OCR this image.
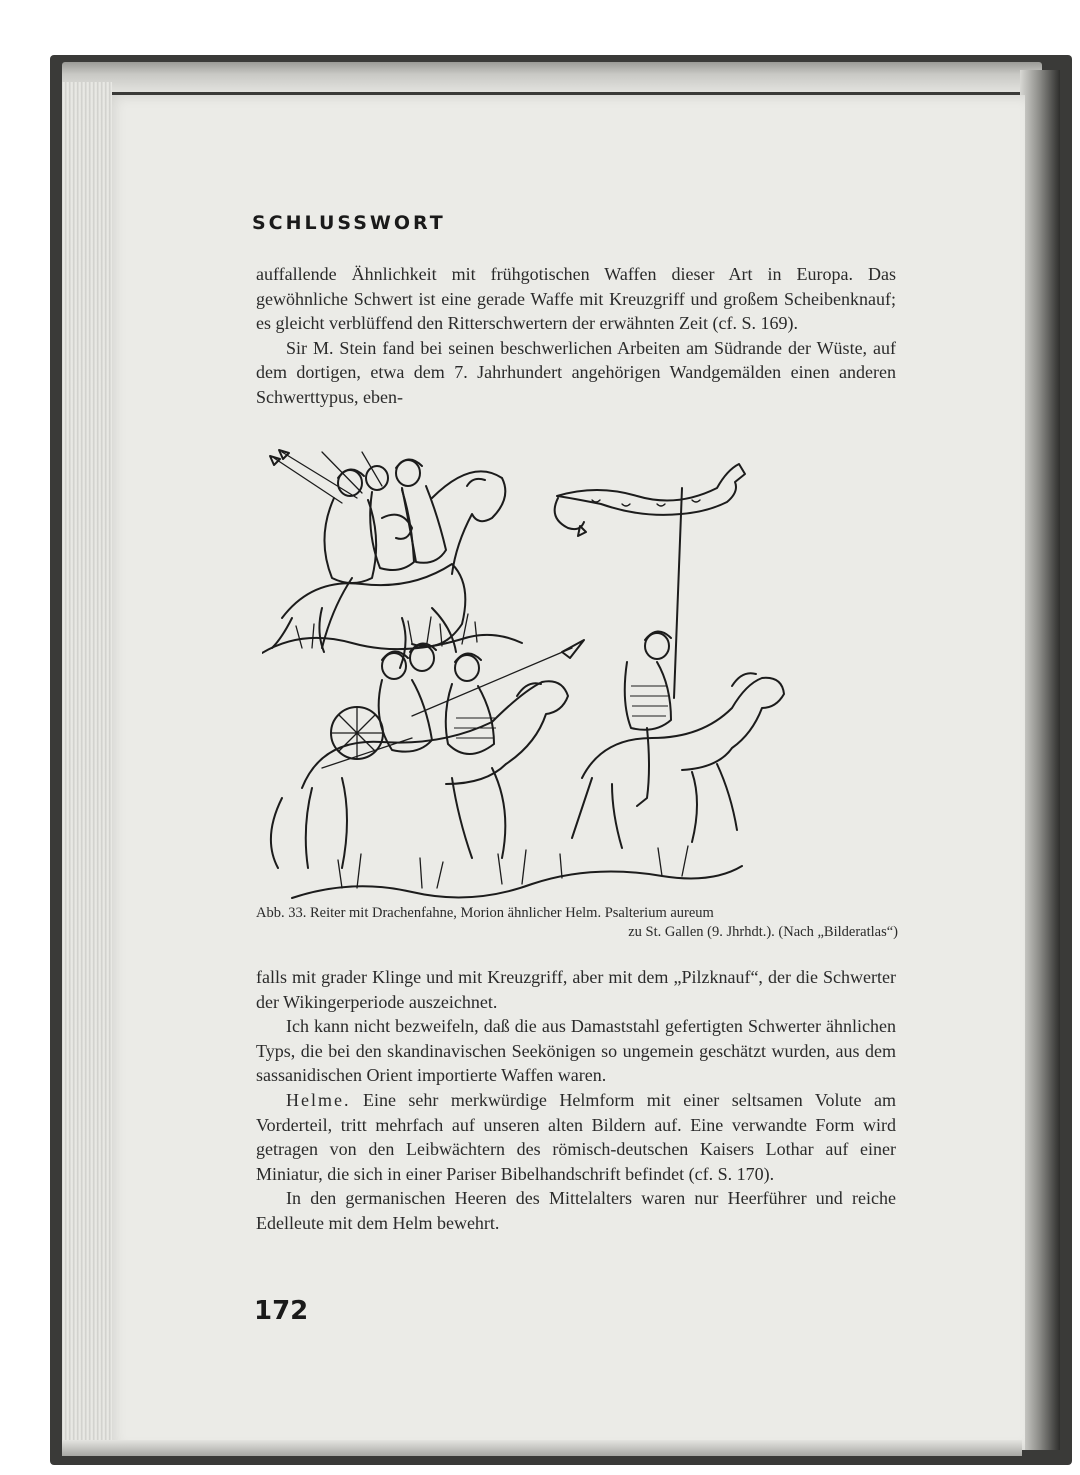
SCHLUSSWORT

auffallende Ähnlichkeit mit frühgotischen Waffen dieser Art in Europa. Das gewöhnliche Schwert ist eine gerade Waffe mit Kreuzgriff und großem Scheibenknauf; es gleicht verblüffend den Ritterschwertern der erwähnten Zeit (cf. S. 169).

Sir M. Stein fand bei seinen beschwerlichen Arbeiten am Südrande der Wüste, auf dem dortigen, etwa dem 7. Jahrhundert angehörigen Wandgemälden einen anderen Schwerttypus, eben-

Abb. 33. Reiter mit Drachenfahne, Morion ähnlicher Helm. Psalterium aureum
zu St. Gallen (9. Jhrhdt.). (Nach „Bilderatlas“)

falls mit grader Klinge und mit Kreuzgriff, aber mit dem „Pilzknauf“, der die Schwerter der Wikingerperiode auszeichnet.

Ich kann nicht bezweifeln, daß die aus Damaststahl gefertigten Schwerter ähnlichen Typs, die bei den skandinavischen Seekönigen so ungemein geschätzt wurden, aus dem sassanidischen Orient importierte Waffen waren.

Helme. Eine sehr merkwürdige Helmform mit einer seltsamen Volute am Vorderteil, tritt mehrfach auf unseren alten Bildern auf. Eine verwandte Form wird getragen von den Leibwächtern des römisch-deutschen Kaisers Lothar auf einer Miniatur, die sich in einer Pariser Bibelhandschrift befindet (cf. S. 170).

In den germanischen Heeren des Mittelalters waren nur Heerführer und reiche Edelleute mit dem Helm bewehrt.

172
